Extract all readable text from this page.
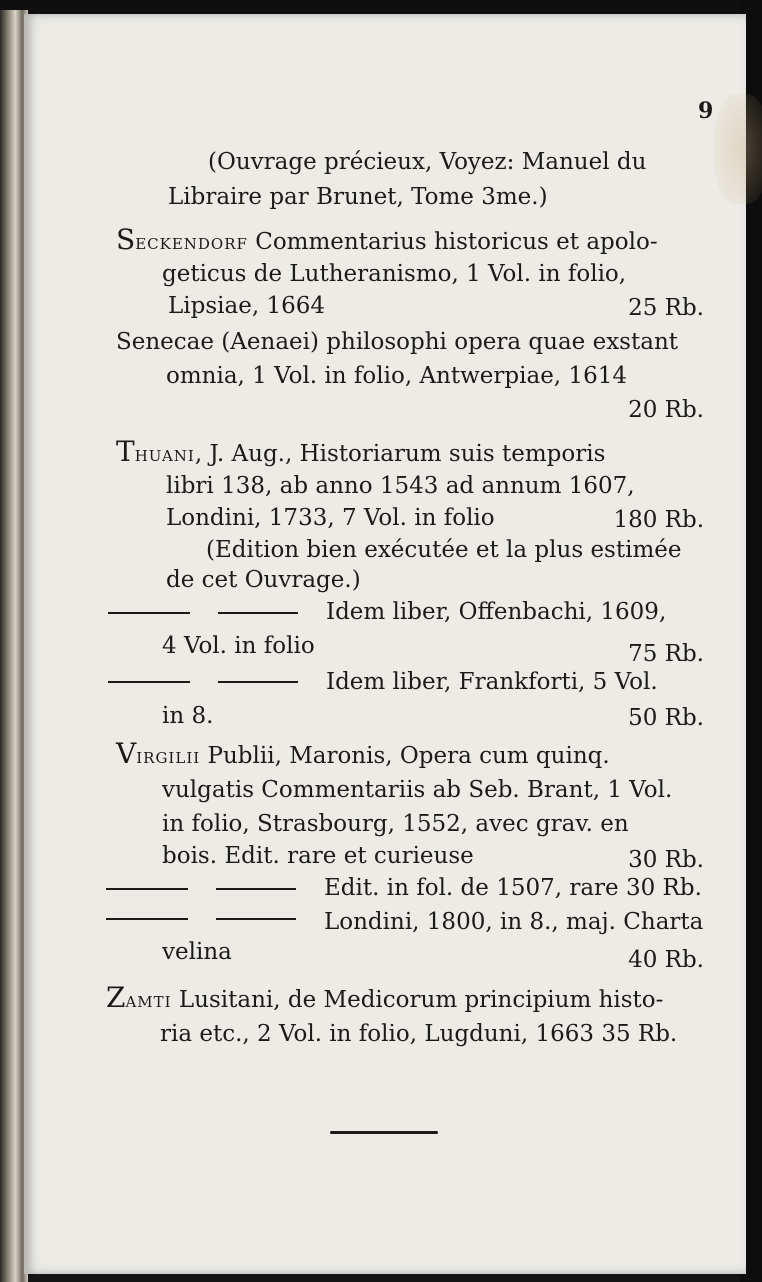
9
(Ouvrage précieux, Voyez: Manuel du
Libraire par Brunet, Tome 3me.)
SECKENDORF Commentarius historicus et apolo-
geticus de Lutheranismo, 1 Vol. in folio,
Lipsiae, 1664	25 Rb.
Senecae (Aenaei) philosophi opera quae exstant
omnia, 1 Vol. in folio, Antwerpiae, 1614
20 Rb.
THUANI, J. Aug., Historiarum suis temporis
libri 138, ab anno 1543 ad annum 1607,
Londini, 1733, 7 Vol. in folio	180 Rb.
(Edition bien exécutée et la plus estimée
de cet Ouvrage.)
Idem liber, Offenbachi, 1609,
4 Vol. in folio	75 Rb.
Idem liber, Frankforti, 5 Vol.
in 8.	50 Rb.
VIRGILII Publii, Maronis, Opera cum quinq.
vulgatis Commentariis ab Seb. Brant, 1 Vol.
in folio, Strasbourg, 1552, avec grav. en
bois. Edit. rare et curieuse	30 Rb.
Edit. in fol. de 1507, rare 30 Rb.
Londini, 1800, in 8., maj. Charta
velina	40 Rb.
ZAMTI Lusitani, de Medicorum principium histo-
ria etc., 2 Vol. in folio, Lugduni, 1663 35 Rb.
